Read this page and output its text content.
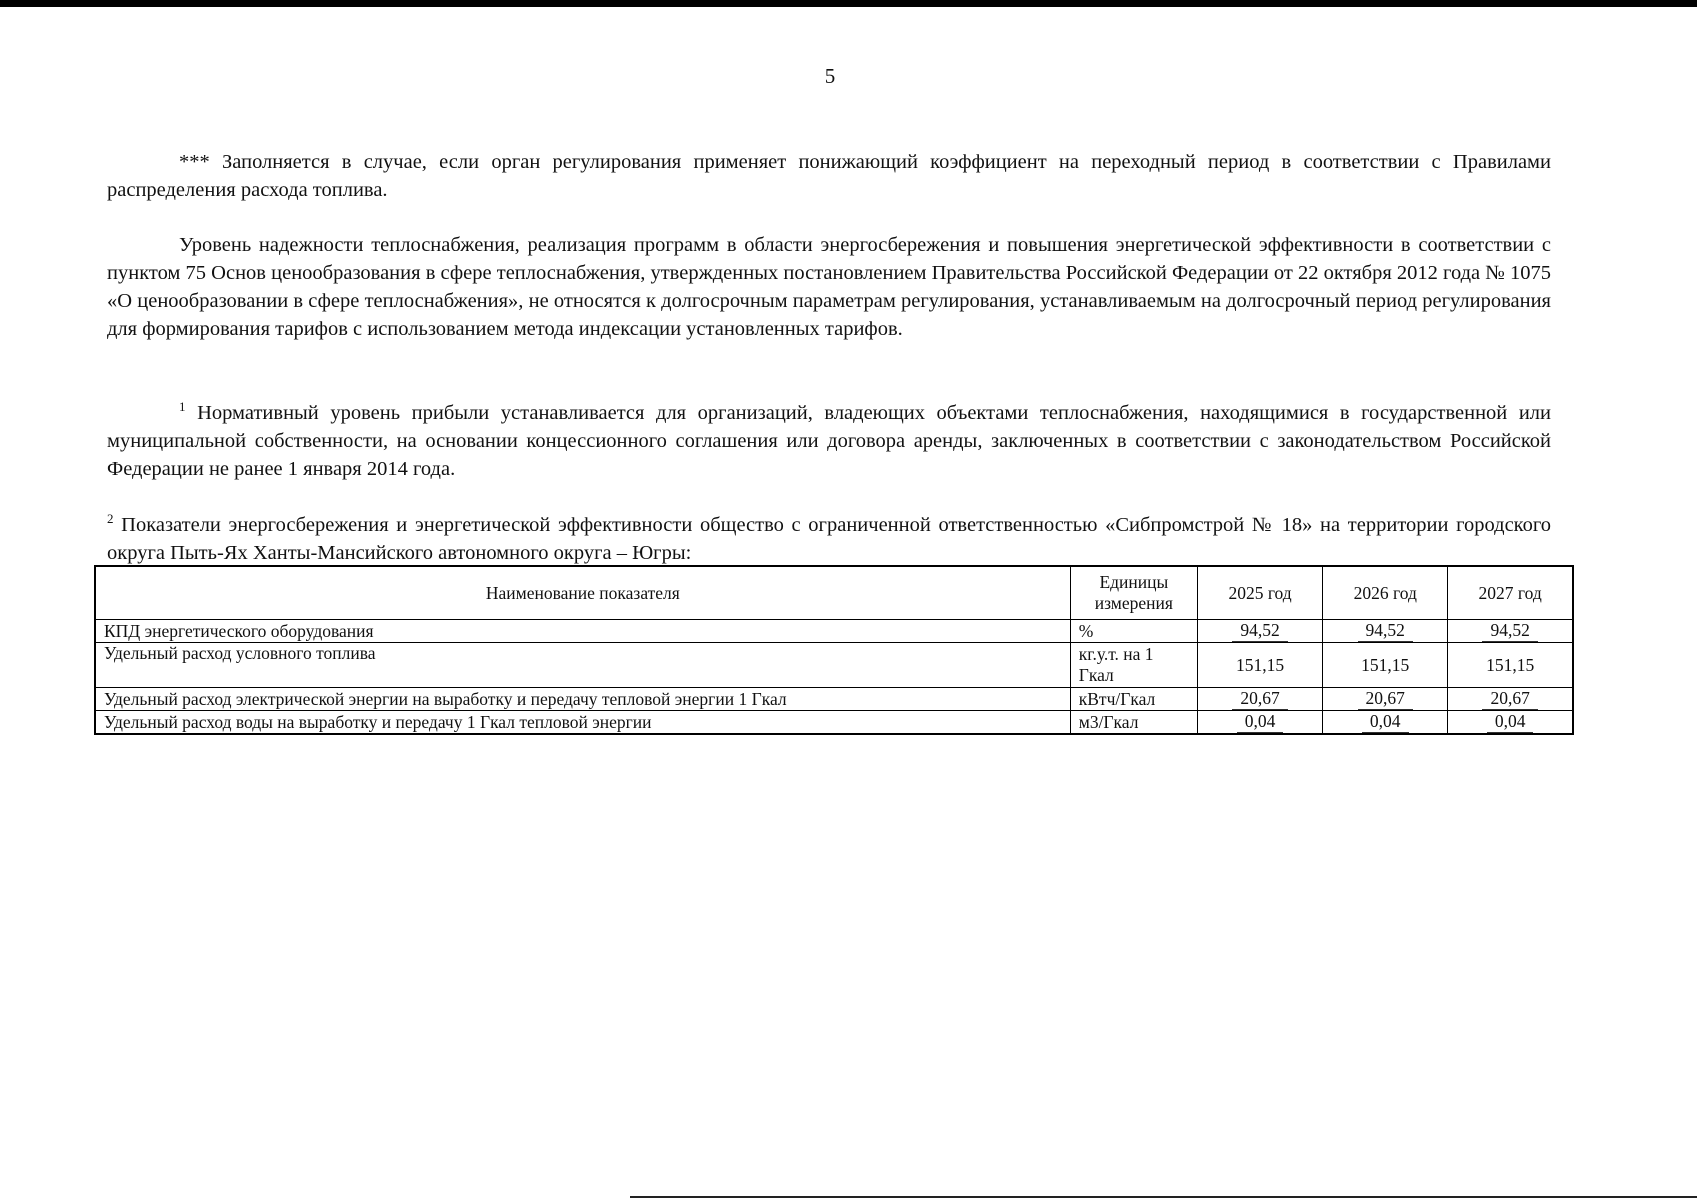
5

*** Заполняется в случае, если орган регулирования применяет понижающий коэффициент на переходный период в соответствии с Правилами распределения расхода топлива.

Уровень надежности теплоснабжения, реализация программ в области энергосбережения и повышения энергетической эффективности в соответствии с пунктом 75 Основ ценообразования в сфере теплоснабжения, утвержденных постановлением Правительства Российской Федерации от 22 октября 2012 года № 1075 «О ценообразовании в сфере теплоснабжения», не относятся к долгосрочным параметрам регулирования, устанавливаемым на долгосрочный период регулирования для формирования тарифов с использованием метода индексации установленных тарифов.

$^1$ Нормативный уровень прибыли устанавливается для организаций, владеющих объектами теплоснабжения, находящимися в государственной или муниципальной собственности, на основании концессионного соглашения или договора аренды, заключенных в соответствии с законодательством Российской Федерации не ранее 1 января 2014 года.

$^2$ Показатели энергосбережения и энергетической эффективности общество с ограниченной ответственностью «Сибпромстрой № 18» на территории городского округа Пыть-Ях Ханты-Мансийского автономного округа – Югры:

Наименование показателя	Единицы измерения	2025 год	2026 год	2027 год
КПД энергетического оборудования	%	94,52	94,52	94,52
Удельный расход условного топлива	кг.у.т. на 1 Гкал	151,15	151,15	151,15
Удельный расход электрической энергии на выработку и передачу тепловой энергии 1 Гкал	кВтч/Гкал	20,67	20,67	20,67
Удельный расход воды на выработку и передачу 1 Гкал тепловой энергии	м3/Гкал	0,04	0,04	0,04
